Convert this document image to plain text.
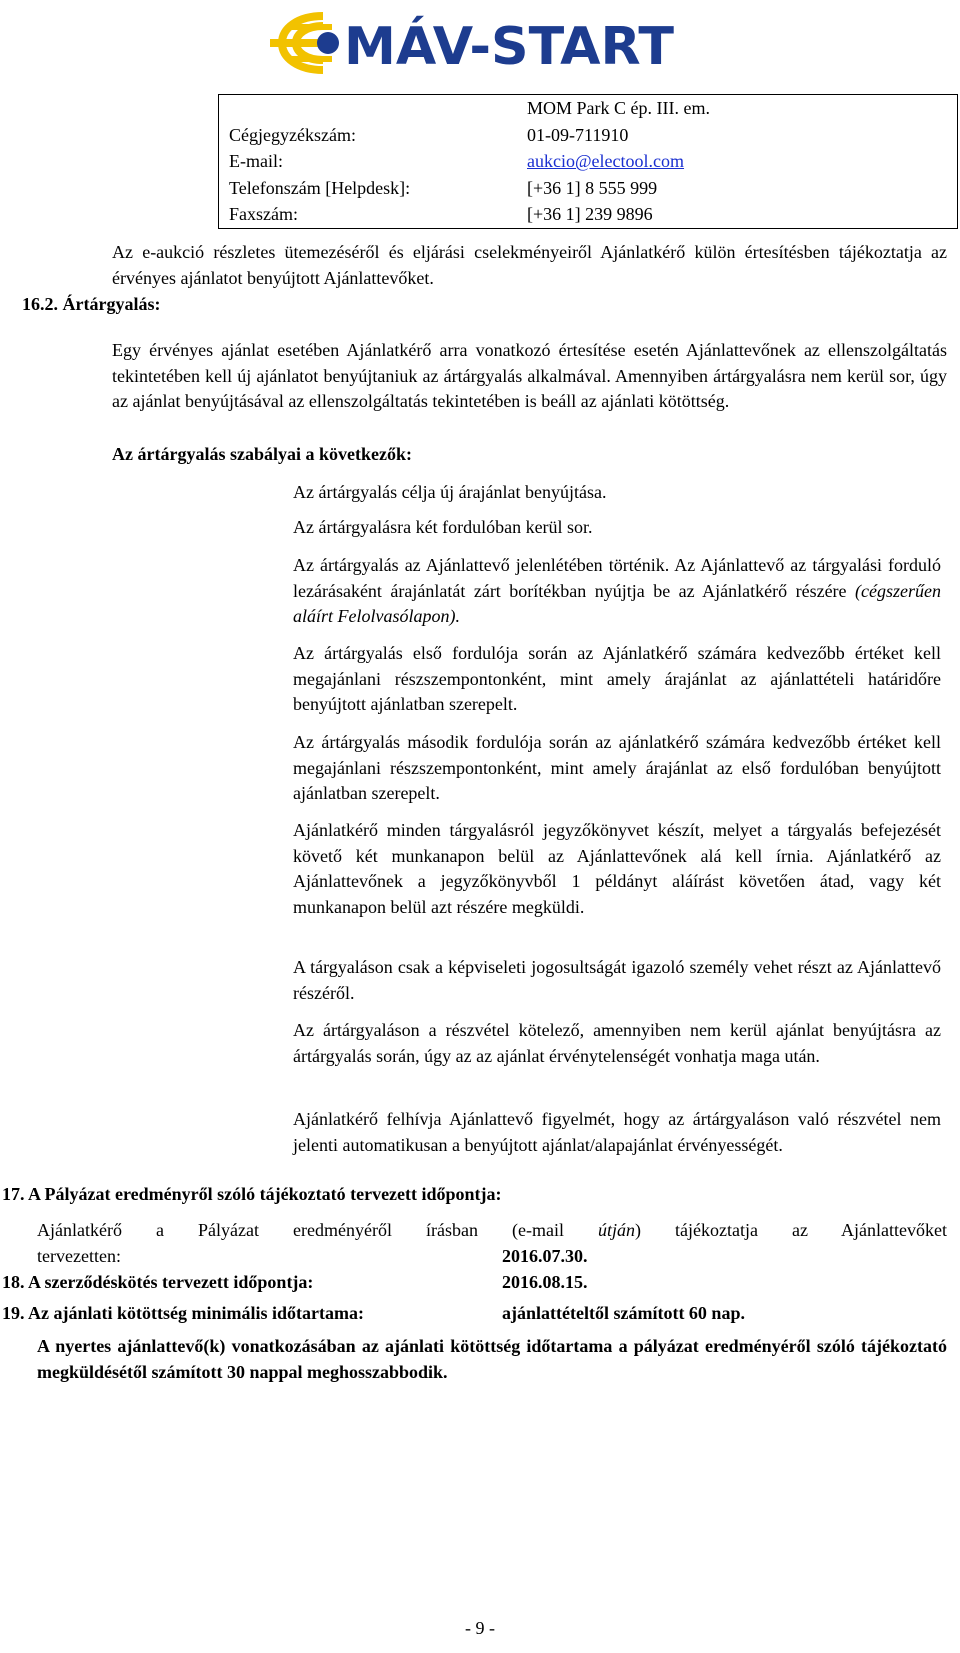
MÁV-START
	MOM Park C ép. III. em.
Cégjegyzékszám:	01-09-711910
E-mail:	aukcio@electool.com
Telefonszám [Helpdesk]:	[+36 1] 8 555 999
Faxszám:	[+36 1] 239 9896
Az e-aukció részletes ütemezéséről és eljárási cselekményeiről Ajánlatkérő külön értesítésben tájékoztatja az érvényes ajánlatot benyújtott Ajánlattevőket.
16.2. Ártárgyalás:
Egy érvényes ajánlat esetében Ajánlatkérő arra vonatkozó értesítése esetén Ajánlattevőnek az ellenszolgáltatás tekintetében kell új ajánlatot benyújtaniuk az ártárgyalás alkalmával. Amennyiben ártárgyalásra nem kerül sor, úgy az ajánlat benyújtásával az ellenszolgáltatás tekintetében is beáll az ajánlati kötöttség.
Az ártárgyalás szabályai a következők:
Az ártárgyalás célja új árajánlat benyújtása.
Az ártárgyalásra két fordulóban kerül sor.
Az ártárgyalás az Ajánlattevő jelenlétében történik. Az Ajánlattevő az tárgyalási forduló lezárásaként árajánlatát zárt borítékban nyújtja be az Ajánlatkérő részére (cégszerűen aláírt Felolvasólapon).
Az ártárgyalás első fordulója során az Ajánlatkérő számára kedvezőbb értéket kell megajánlani részszempontonként, mint amely árajánlat az ajánlattételi határidőre benyújtott ajánlatban szerepelt.
Az ártárgyalás második fordulója során az ajánlatkérő számára kedvezőbb értéket kell megajánlani részszempontonként, mint amely árajánlat az első fordulóban benyújtott ajánlatban szerepelt.
Ajánlatkérő minden tárgyalásról jegyzőkönyvet készít, melyet a tárgyalás befejezését követő két munkanapon belül az Ajánlattevőnek alá kell írnia. Ajánlatkérő az Ajánlattevőnek a jegyzőkönyvből 1 példányt aláírást követően átad, vagy két munkanapon belül azt részére megküldi.
A tárgyaláson csak a képviseleti jogosultságát igazoló személy vehet részt az Ajánlattevő részéről.
Az ártárgyaláson a részvétel kötelező, amennyiben nem kerül ajánlat benyújtásra az ártárgyalás során, úgy az az ajánlat érvénytelenségét vonhatja maga után.
Ajánlatkérő felhívja Ajánlattevő figyelmét, hogy az ártárgyaláson való részvétel nem jelenti automatikusan a benyújtott ajánlat/alapajánlat érvényességét.
17. A Pályázat eredményről szóló tájékoztató tervezett időpontja:
Ajánlatkérő a Pályázat eredményéről írásban (e-mail útján) tájékoztatja az Ajánlattevőket
tervezetten:	2016.07.30.
18. A szerződéskötés tervezett időpontja:	2016.08.15.
19. Az ajánlati kötöttség minimális időtartama:	ajánlattételtől számított 60 nap.
A nyertes ajánlattevő(k) vonatkozásában az ajánlati kötöttség időtartama a pályázat eredményéről szóló tájékoztató megküldésétől számított 30 nappal meghosszabbodik.
- 9 -
